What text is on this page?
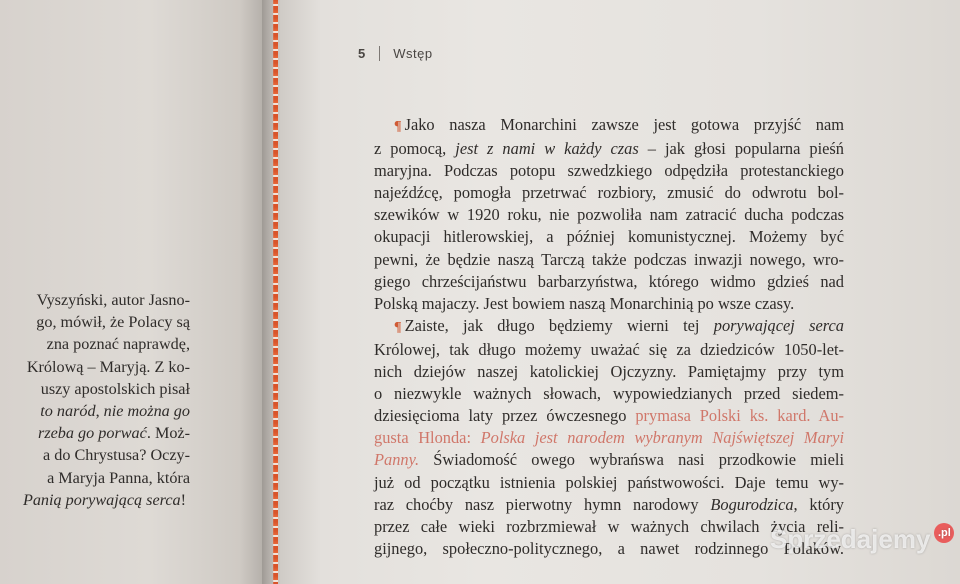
Vyszyński, autor Jasno-
go, mówił, że Polacy są
zna poznać naprawdę,
Królową – Maryją. Z ko-
uszy apostolskich pisał
to naród, nie można go
rzeba go porwać. Moż-
a do Chrystusa? Oczy-
a Maryja Panna, która
Panią porywającą serca!
5 Wstęp
¶ Jako nasza Monarchini zawsze jest gotowa przyjść nam
z pomocą, jest z nami w każdy czas – jak głosi popularna pieśń
maryjna. Podczas potopu szwedzkiego odpędziła protestanckiego
najeźdźcę, pomogła przetrwać rozbiory, zmusić do odwrotu bol-
szewików w 1920 roku, nie pozwoliła nam zatracić ducha podczas
okupacji hitlerowskiej, a później komunistycznej. Możemy być
pewni, że będzie naszą Tarczą także podczas inwazji nowego, wro-
giego chrześcijaństwu barbarzyństwa, którego widmo gdzieś nad
Polską majaczy. Jest bowiem naszą Monarchinią po wsze czasy.
¶ Zaiste, jak długo będziemy wierni tej porywającej serca
Królowej, tak długo możemy uważać się za dziedziców 1050-let-
nich dziejów naszej katolickiej Ojczyzny. Pamiętajmy przy tym
o niezwykle ważnych słowach, wypowiedzianych przed siedem-
dziesięcioma laty przez ówczesnego prymasa Polski ks. kard. Au-
gusta Hlonda: Polska jest narodem wybranym Najświętszej Maryi
Panny. Świadomość owego wybrańswa nasi przodkowie mieli
już od początku istnienia polskiej państwowości. Daje temu wy-
raz choćby nasz pierwotny hymn narodowy Bogurodzica, który
przez całe wieki rozbrzmiewał w ważnych chwilach życia reli-
gijnego, społeczno-politycznego, a nawet rodzinnego Polaków.
Sprzedajemy .pl
